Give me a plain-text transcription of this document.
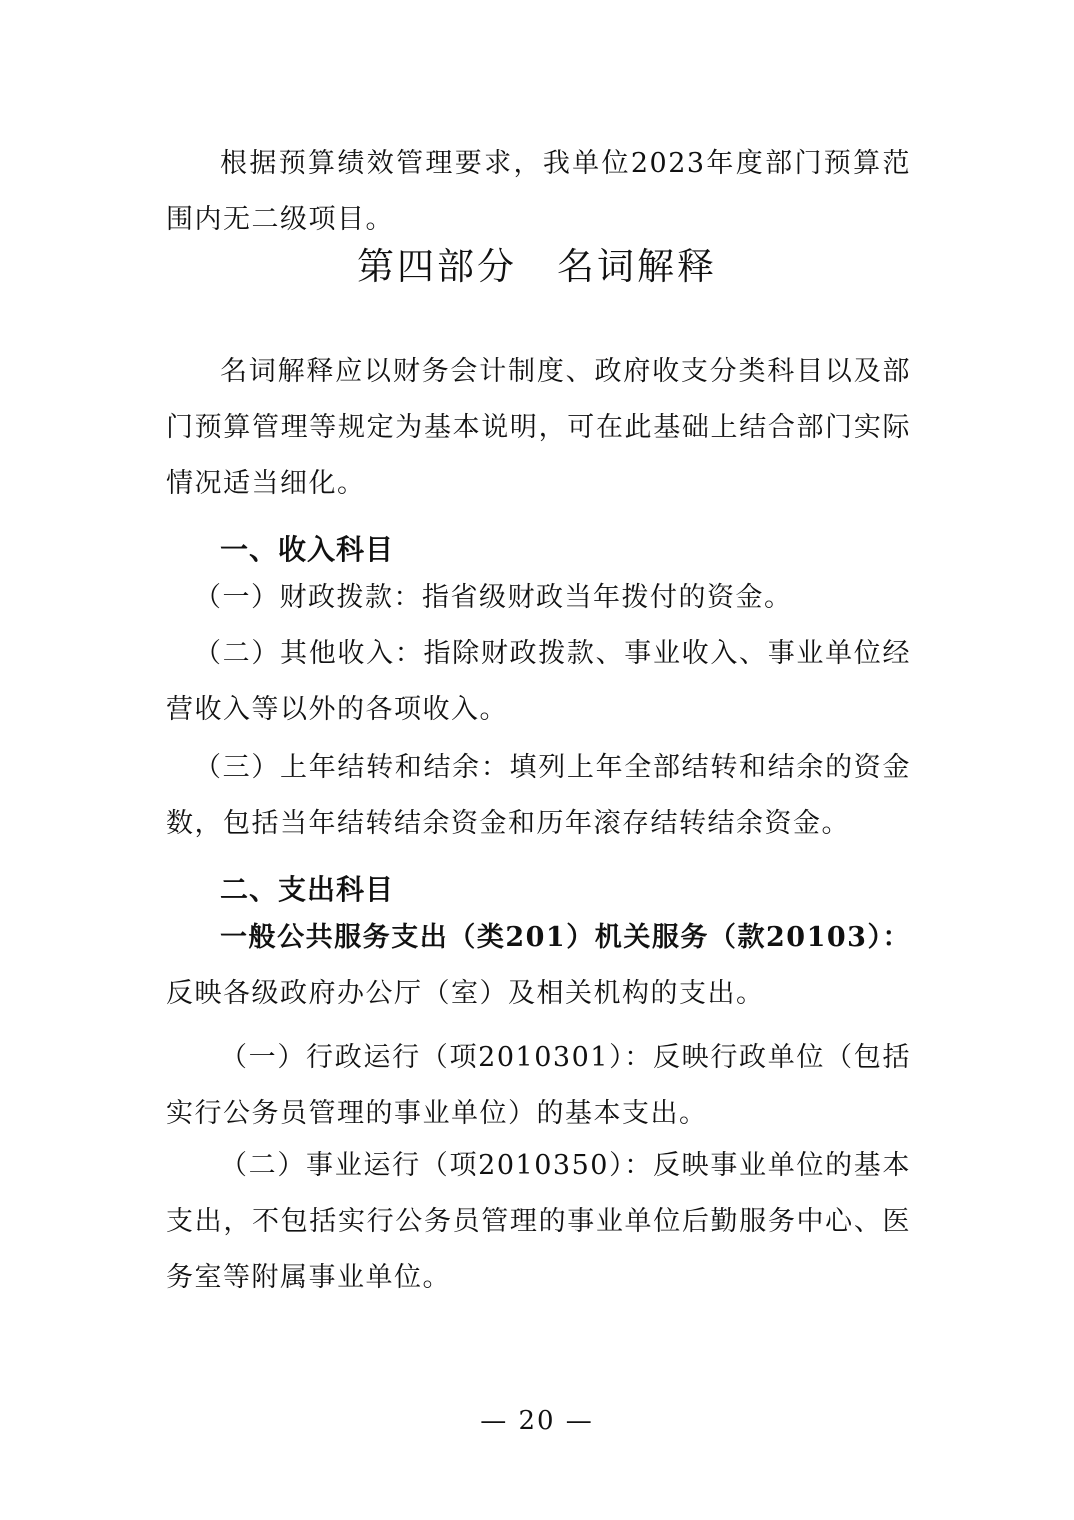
根据预算绩效管理要求，我单位2023年度部门预算范围内无二级项目。

第四部分　名词解释

名词解释应以财务会计制度、政府收支分类科目以及部门预算管理等规定为基本说明，可在此基础上结合部门实际情况适当细化。

一、收入科目

（一）财政拨款：指省级财政当年拨付的资金。

（二）其他收入：指除财政拨款、事业收入、事业单位经营收入等以外的各项收入。

（三）上年结转和结余：填列上年全部结转和结余的资金数，包括当年结转结余资金和历年滚存结转结余资金。

二、支出科目

一般公共服务支出（类201）机关服务（款20103）：反映各级政府办公厅（室）及相关机构的支出。

（一）行政运行（项2010301）：反映行政单位（包括实行公务员管理的事业单位）的基本支出。

（二）事业运行（项2010350）：反映事业单位的基本支出，不包括实行公务员管理的事业单位后勤服务中心、医务室等附属事业单位。

— 20 —
